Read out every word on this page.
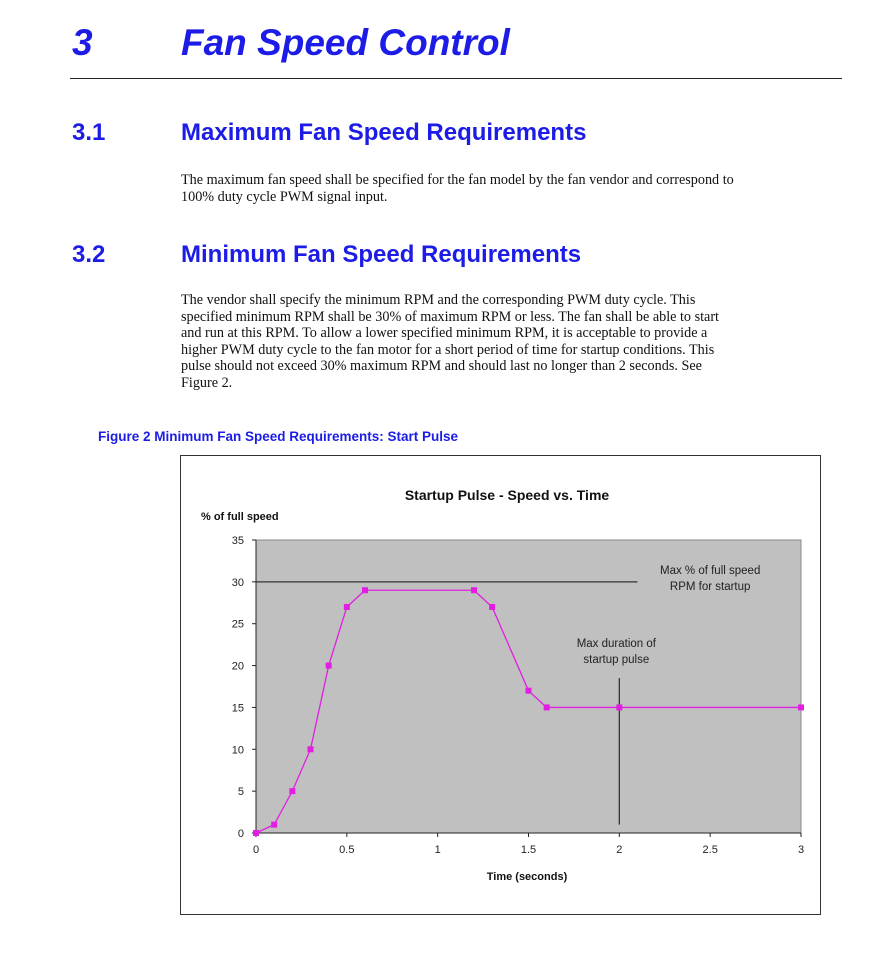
3 Fan Speed Control
3.1	Maximum Fan Speed Requirements

The maximum fan speed shall be specified for the fan model by the fan vendor and correspond to
100% duty cycle PWM signal input.

3.2	Minimum Fan Speed Requirements

The vendor shall specify the minimum RPM and the corresponding PWM duty cycle. This
specified minimum RPM shall be 30% of maximum RPM or less. The fan shall be able to start
and run at this RPM. To allow a lower specified minimum RPM, it is acceptable to provide a
higher PWM duty cycle to the fan motor for a short period of time for startup conditions. This
pulse should not exceed 30% maximum RPM and should last no longer than 2 seconds. See
Figure 2.

Figure 2 Minimum Fan Speed Requirements: Start Pulse
Startup Pulse - Speed vs. Time
% of full speed
Time (seconds)
0
5
10
15
20
25
30
35
0	0.5	1	1.5	2	2.5	3
Max % of full speed
RPM for startup
Max duration of
startup pulse
